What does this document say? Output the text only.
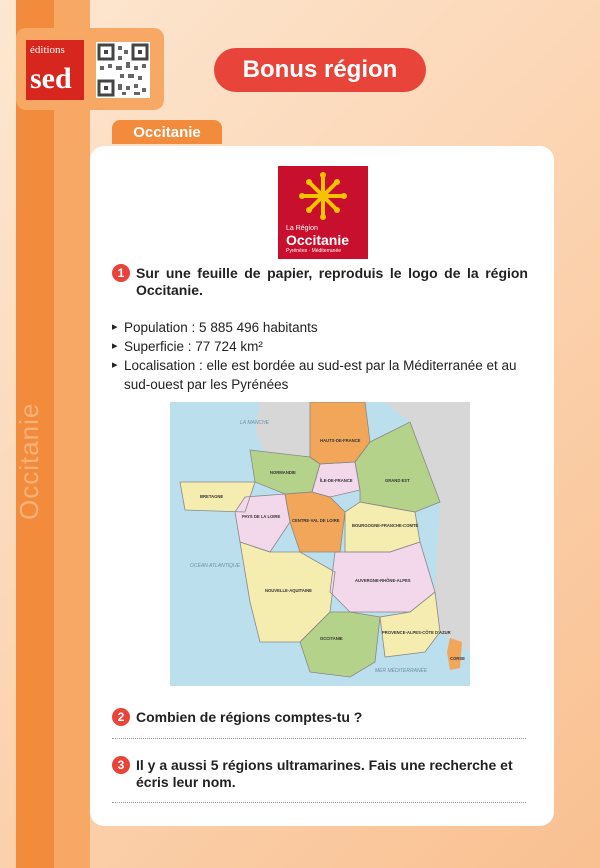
Occitanie
éditions
sed	Bonus région
Occitanie
La Région
Occitanie
Pyrénées · Méditerranée
1 Sur une feuille de papier, reproduis le logo de la région Occitanie.
▸ Population : 5 885 496 habitants
▸ Superficie : 77 724 km²
▸ Localisation : elle est bordée au sud-est par la Méditerranée et au sud-ouest par les Pyrénées
HAUTS-DE-FRANCE
NORMANDIE
ÎLE-DE-FRANCE	GRAND EST
BRETAGNE
PAYS DE LA LOIRE
CENTRE-VAL DE LOIRE
BOURGOGNE-FRANCHE-COMTÉ
NOUVELLE-AQUITAINE
AUVERGNE-RHÔNE-ALPES
OCCITANIE
PROVENCE-ALPES-CÔTE D'AZUR
CORSE
LA MANCHE
OCÉAN ATLANTIQUE
MER MÉDITERRANÉE
2 Combien de régions comptes-tu ?
3 Il y a aussi 5 régions ultramarines. Fais une recherche et écris leur nom.
